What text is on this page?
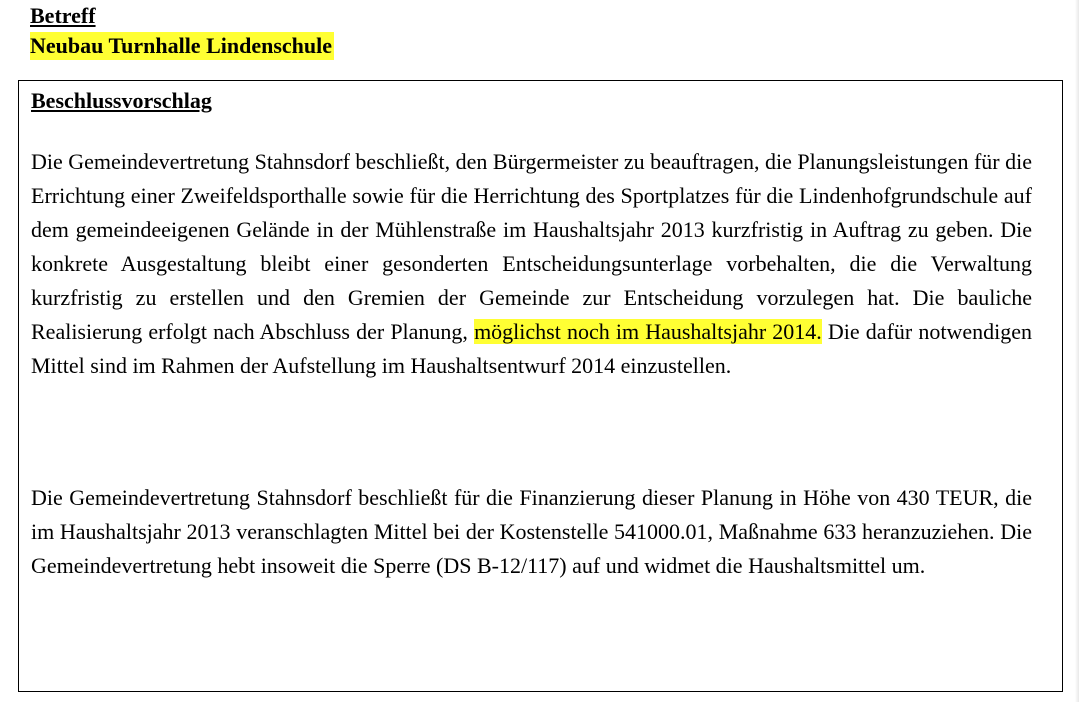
Betreff
Neubau Turnhalle Lindenschule
Beschlussvorschlag
Die Gemeindevertretung Stahnsdorf beschließt, den Bürgermeister zu beauftragen, die Planungsleistungen für die Errichtung einer Zweifeldsporthalle sowie für die Herrichtung des Sportplatzes für die Lindenhofgrundschule auf dem gemeindeeigenen Gelände in der Mühlenstraße im Haushaltsjahr 2013 kurzfristig in Auftrag zu geben. Die konkrete Ausgestaltung bleibt einer gesonderten Entscheidungsunterlage vorbehalten, die die Verwaltung kurzfristig zu erstellen und den Gremien der Gemeinde zur Entscheidung vorzulegen hat. Die bauliche Realisierung erfolgt nach Abschluss der Planung, möglichst noch im Haushaltsjahr 2014. Die dafür notwendigen Mittel sind im Rahmen der Aufstellung im Haushaltsentwurf 2014 einzustellen.
Die Gemeindevertretung Stahnsdorf beschließt für die Finanzierung dieser Planung in Höhe von 430 TEUR, die im Haushaltsjahr 2013 veranschlagten Mittel bei der Kostenstelle 541000.01, Maßnahme 633 heranzuziehen. Die Gemeindevertretung hebt insoweit die Sperre (DS B-12/117) auf und widmet die Haushaltsmittel um.
